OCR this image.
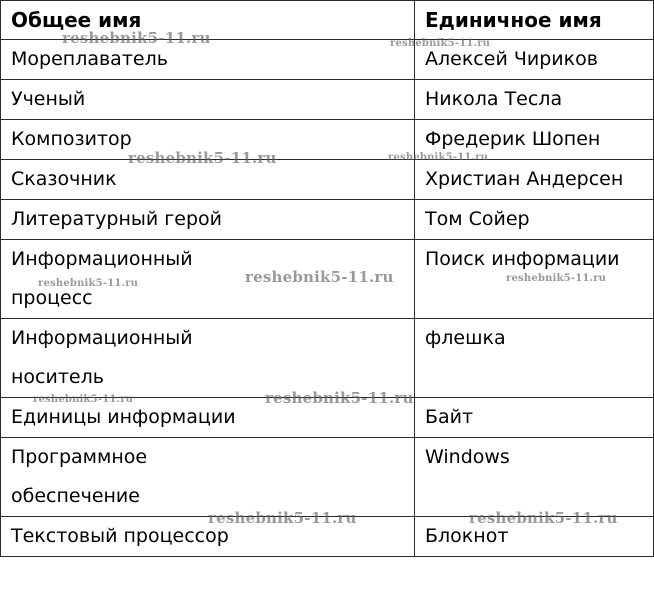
Общее имя	Единичное имя
Мореплаватель	Алексей Чириков
Ученый	Никола Тесла
Композитор	Фредерик Шопен
Сказочник	Христиан Андерсен
Литературный герой	Том Сойер
Информационный
процесс	Поиск информации
Информационный
носитель	флешка
Единицы информации	Байт
Программное
обеспечение	Windows
Текстовый процессор	Блокнот
reshebnik5-11.ru	reshebnik5-11.ru
reshebnik5-11.ru	reshebnik5-11.ru
reshebnik5-11.ru
reshebnik5-11.ru	reshebnik5-11.ru
reshebnik5-11.ru
reshebnik5-11.ru
reshebnik5-11.ru	reshebnik5-11.ru
